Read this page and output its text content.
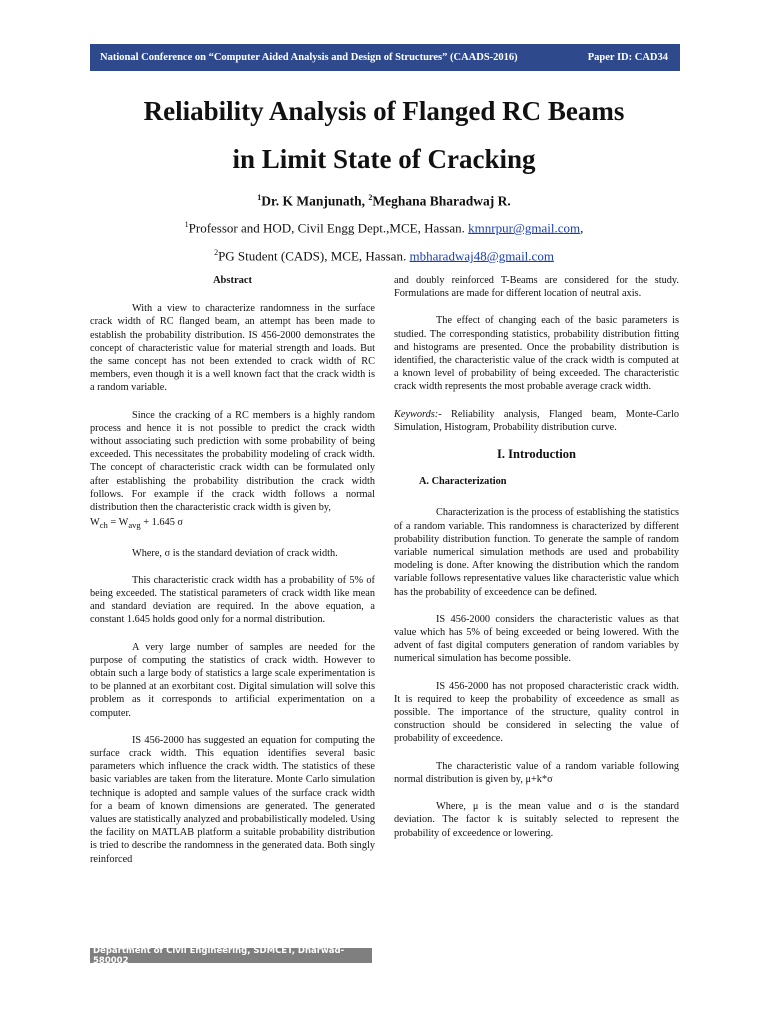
National Conference on “Computer Aided Analysis and Design of Structures” (CAADS-2016)	Paper ID: CAD34
Reliability Analysis of Flanged RC Beams
in Limit State of Cracking
$^1$Dr. K Manjunath, $^2$Meghana Bharadwaj R.
$^1$Professor and HOD, Civil Engg Dept.,MCE, Hassan. kmnrpur@gmail.com,
$^2$PG Student (CADS), MCE, Hassan. mbharadwaj48@gmail.com
Abstract

With a view to characterize randomness in the surface crack width of RC flanged beam, an attempt has been made to establish the probability distribution. IS 456-2000 demonstrates the concept of characteristic value for material strength and loads. But the same concept has not been extended to crack width of RC members, even though it is a well known fact that the crack width is a random variable.

Since the cracking of a RC members is a highly random process and hence it is not possible to predict the crack width without associating such prediction with some probability of being exceeded. This necessitates the probability modeling of crack width. The concept of characteristic crack width can be formulated only after establishing the probability distribution the crack width follows. For example if the crack width follows a normal distribution then the characteristic crack width is given by,

$W_{ch} = W_{avg} + 1.645$ σ

Where, σ is the standard deviation of crack width.

This characteristic crack width has a probability of 5% of being exceeded. The statistical parameters of crack width like mean and standard deviation are required. In the above equation, a constant 1.645 holds good only for a normal distribution.

A very large number of samples are needed for the purpose of computing the statistics of crack width. However to obtain such a large body of statistics a large scale experimentation is to be planned at an exorbitant cost. Digital simulation will solve this problem as it corresponds to artificial experimentation on a computer.

IS 456-2000 has suggested an equation for computing the surface crack width. This equation identifies several basic parameters which influence the crack width. The statistics of these basic variables are taken from the literature. Monte Carlo simulation technique is adopted and sample values of the surface crack width for a beam of known dimensions are generated. The generated values are statistically analyzed and probabilistically modeled. Using the facility on MATLAB platform a suitable probability distribution is tried to describe the randomness in the generated data. Both singly reinforced

and doubly reinforced T-Beams are considered for the study. Formulations are made for different location of neutral axis.

The effect of changing each of the basic parameters is studied. The corresponding statistics, probability distribution fitting and histograms are presented. Once the probability distribution is identified, the characteristic value of the crack width is computed at a known level of probability of being exceeded. The characteristic crack width represents the most probable average crack width.

Keywords:- Reliability analysis, Flanged beam, Monte-Carlo Simulation, Histogram, Probability distribution curve.

I. Introduction
A. Characterization

Characterization is the process of establishing the statistics of a random variable. This randomness is characterized by different probability distribution function. To generate the sample of random variable numerical simulation methods are used and probability modeling is done. After knowing the distribution which the random variable follows representative values like characteristic value which has the probability of exceedence can be defined.

IS 456-2000 considers the characteristic values as that value which has 5% of being exceeded or being lowered. With the advent of fast digital computers generation of random variables by numerical simulation has become possible.

IS 456-2000 has not proposed characteristic crack width. It is required to keep the probability of exceedence as small as possible. The importance of the structure, quality control in construction should be considered in selecting the value of probability of exceedence.

The characteristic value of a random variable following normal distribution is given by, μ+k*σ

Where, μ is the mean value and σ is the standard deviation. The factor k is suitably selected to represent the probability of exceedence or lowering.

Department of Civil Engineering, SDMCET, Dharwad-580002
